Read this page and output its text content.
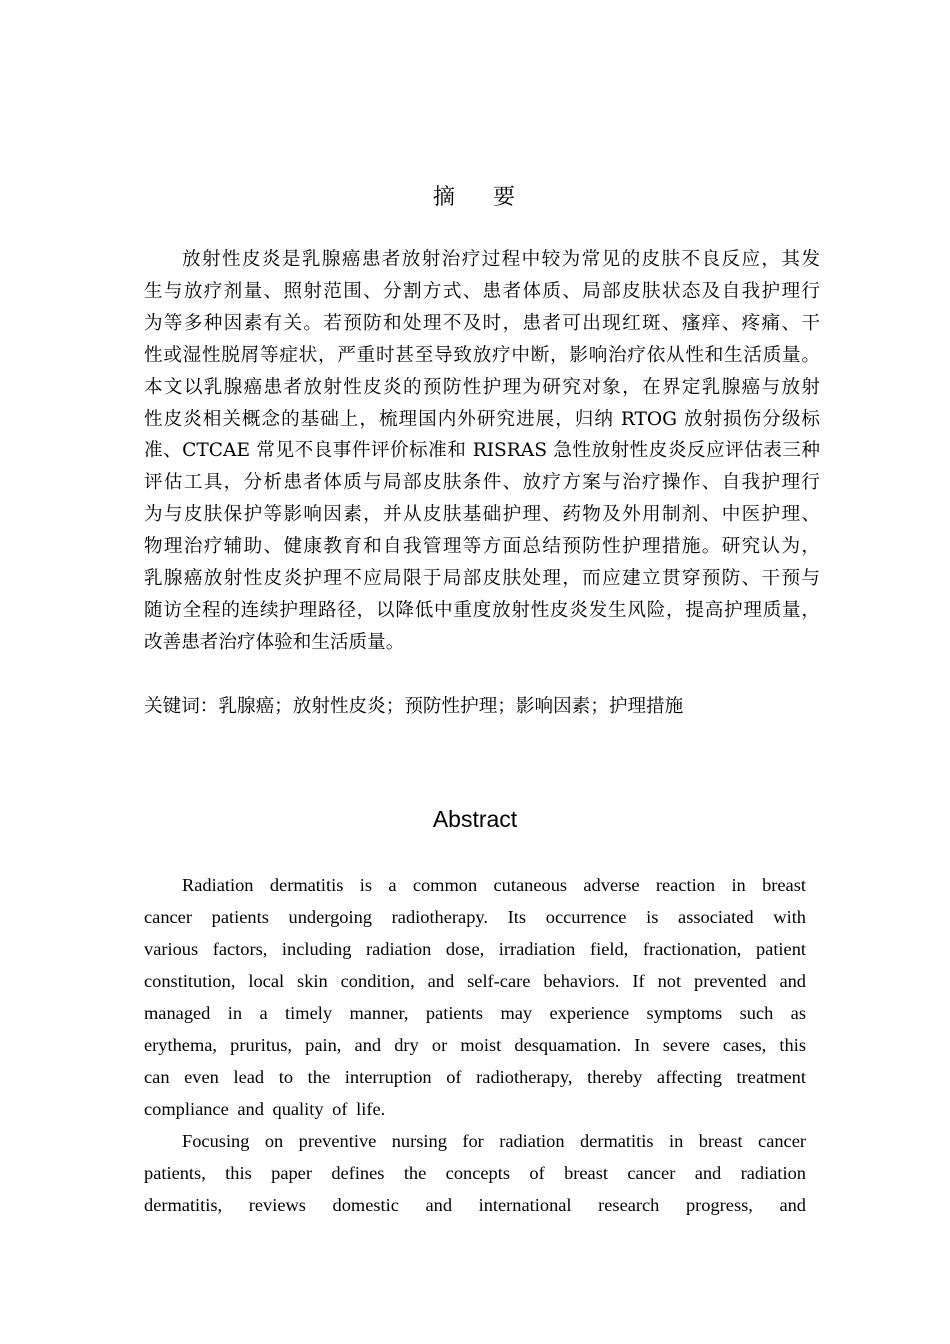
摘    要
放射性皮炎是乳腺癌患者放射治疗过程中较为常见的皮肤不良反应，其发
生与放疗剂量、照射范围、分割方式、患者体质、局部皮肤状态及自我护理行
为等多种因素有关。若预防和处理不及时，患者可出现红斑、瘙痒、疼痛、干
性或湿性脱屑等症状，严重时甚至导致放疗中断，影响治疗依从性和生活质量。
本文以乳腺癌患者放射性皮炎的预防性护理为研究对象，在界定乳腺癌与放射
性皮炎相关概念的基础上，梳理国内外研究进展，归纳 RTOG 放射损伤分级标
准、CTCAE 常见不良事件评价标准和 RISRAS 急性放射性皮炎反应评估表三种
评估工具，分析患者体质与局部皮肤条件、放疗方案与治疗操作、自我护理行
为与皮肤保护等影响因素，并从皮肤基础护理、药物及外用制剂、中医护理、
物理治疗辅助、健康教育和自我管理等方面总结预防性护理措施。研究认为，
乳腺癌放射性皮炎护理不应局限于局部皮肤处理，而应建立贯穿预防、干预与
随访全程的连续护理路径，以降低中重度放射性皮炎发生风险，提高护理质量，
改善患者治疗体验和生活质量。
关键词：乳腺癌；放射性皮炎；预防性护理；影响因素；护理措施
Abstract
Radiation dermatitis is a common cutaneous adverse reaction in breast
cancer patients undergoing radiotherapy. Its occurrence is associated with
various factors, including radiation dose, irradiation field, fractionation, patient
constitution, local skin condition, and self-care behaviors. If not prevented and
managed in a timely manner, patients may experience symptoms such as
erythema, pruritus, pain, and dry or moist desquamation. In severe cases, this
can even lead to the interruption of radiotherapy, thereby affecting treatment
compliance and quality of life.
Focusing on preventive nursing for radiation dermatitis in breast cancer
patients, this paper defines the concepts of breast cancer and radiation
dermatitis, reviews domestic and international research progress, and
